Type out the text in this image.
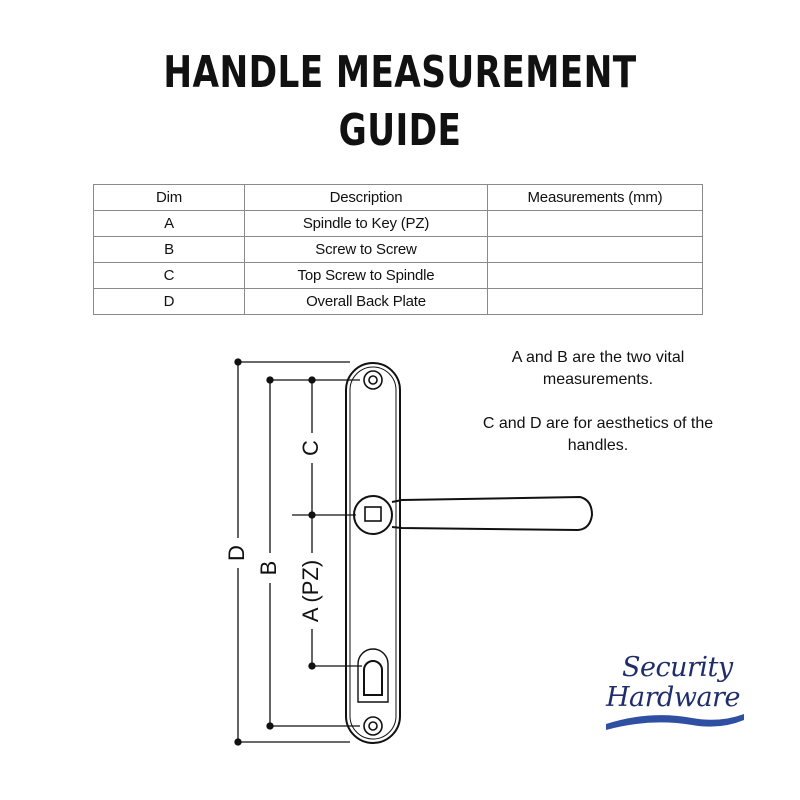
HANDLE MEASUREMENT
GUIDE
Dim	Description	Measurements (mm)
A	Spindle to Key (PZ)	
B	Screw to Screw	
C	Top Screw to Spindle	
D	Overall Back Plate	

A and B are the two vital measurements.

C and D are for aesthetics of the handles.

D
B
C
A (PZ)
Security
Hardware
